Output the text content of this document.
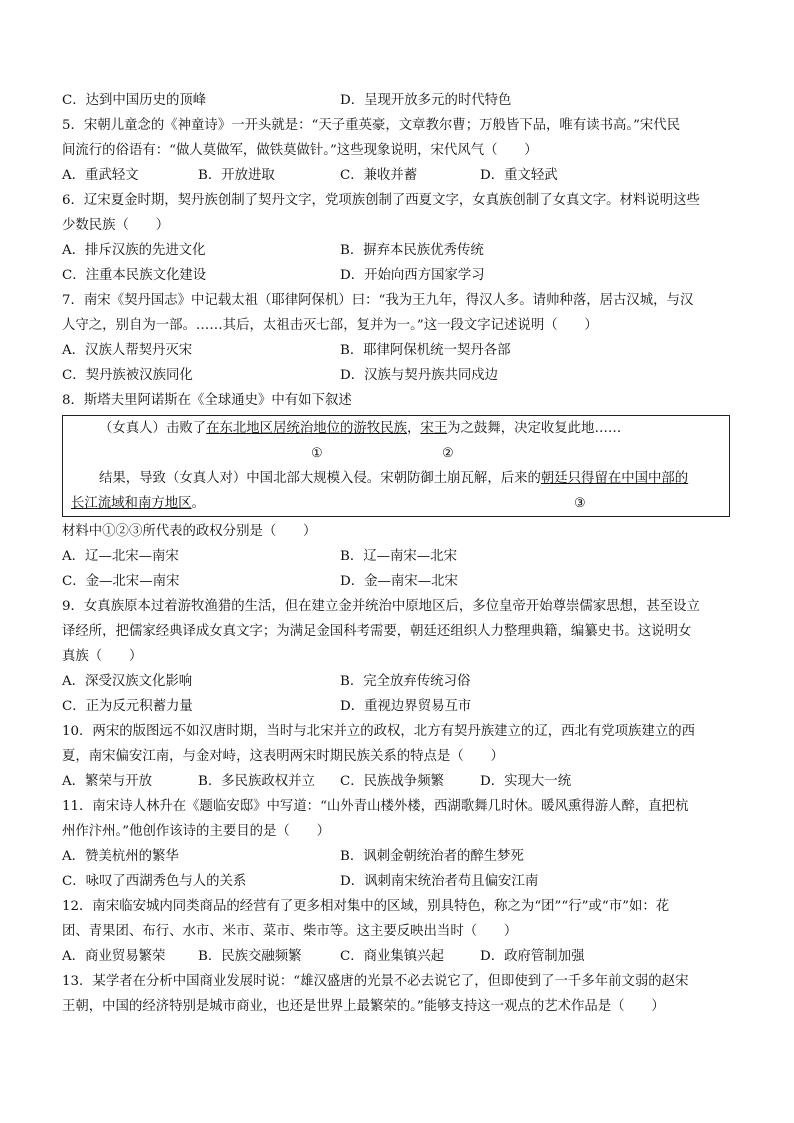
C．达到中国历史的顶峰	D．呈现开放多元的时代特色
5．宋朝儿童念的《神童诗》一开头就是：“天子重英豪，文章教尔曹；万般皆下品，唯有读书高。”宋代民
间流行的俗语有：“做人莫做军，做铁莫做针。”这些现象说明，宋代风气（　　）
A．重武轻文	B．开放进取	C．兼收并蓄	D．重文轻武
6．辽宋夏金时期，契丹族创制了契丹文字，党项族创制了西夏文字，女真族创制了女真文字。材料说明这些
少数民族（　　）
A．排斥汉族的先进文化	B．摒弃本民族优秀传统
C．注重本民族文化建设	D．开始向西方国家学习
7．南宋《契丹国志》中记载太祖（耶律阿保机）曰：“我为王九年，得汉人多。请帅种落，居古汉城，与汉
人守之，别自为一部。……其后，太祖击灭七部，复并为一。”这一段文字记述说明（　　）
A．汉族人帮契丹灭宋	B．耶律阿保机统一契丹各部
C．契丹族被汉族同化	D．汉族与契丹族共同戍边
8．斯塔夫里阿诺斯在《全球通史》中有如下叙述
（女真人）击败了在东北地区居统治地位的游牧民族，宋王为之鼓舞，决定收复此地……
①	②
结果，导致（女真人对）中国北部大规模入侵。宋朝防御土崩瓦解，后来的朝廷只得留在中国中部的
长江流域和南方地区。	③
材料中①②③所代表的政权分别是（　　）
A．辽—北宋—南宋	B．辽—南宋—北宋
C．金—北宋—南宋	D．金—南宋—北宋
9．女真族原本过着游牧渔猎的生活，但在建立金并统治中原地区后，多位皇帝开始尊崇儒家思想，甚至设立
译经所，把儒家经典译成女真文字；为满足金国科考需要，朝廷还组织人力整理典籍，编纂史书。这说明女
真族（　　）
A．深受汉族文化影响	B．完全放弃传统习俗
C．正为反元积蓄力量	D．重视边界贸易互市
10．两宋的版图远不如汉唐时期，当时与北宋并立的政权，北方有契丹族建立的辽，西北有党项族建立的西
夏，南宋偏安江南，与金对峙，这表明两宋时期民族关系的特点是（　　）
A．繁荣与开放	B．多民族政权并立 C．民族战争频繁	D．实现大一统
11．南宋诗人林升在《题临安邸》中写道：“山外青山楼外楼，西湖歌舞几时休。暖风熏得游人醉，直把杭
州作汴州。”他创作该诗的主要目的是（　　）
A．赞美杭州的繁华	B．讽刺金朝统治者的醉生梦死
C．咏叹了西湖秀色与人的关系	D．讽刺南宋统治者苟且偏安江南
12．南宋临安城内同类商品的经营有了更多相对集中的区域，别具特色，称之为“团”“行”或“市”如：花
团、青果团、布行、水市、米市、菜市、柴市等。这主要反映出当时（　　）
A．商业贸易繁荣 B．民族交融频繁	C．商业集镇兴起	D．政府管制加强
13．某学者在分析中国商业发展时说：“雄汉盛唐的光景不必去说它了，但即使到了一千多年前文弱的赵宋
王朝，中国的经济特别是城市商业，也还是世界上最繁荣的。”能够支持这一观点的艺术作品是（　　）
